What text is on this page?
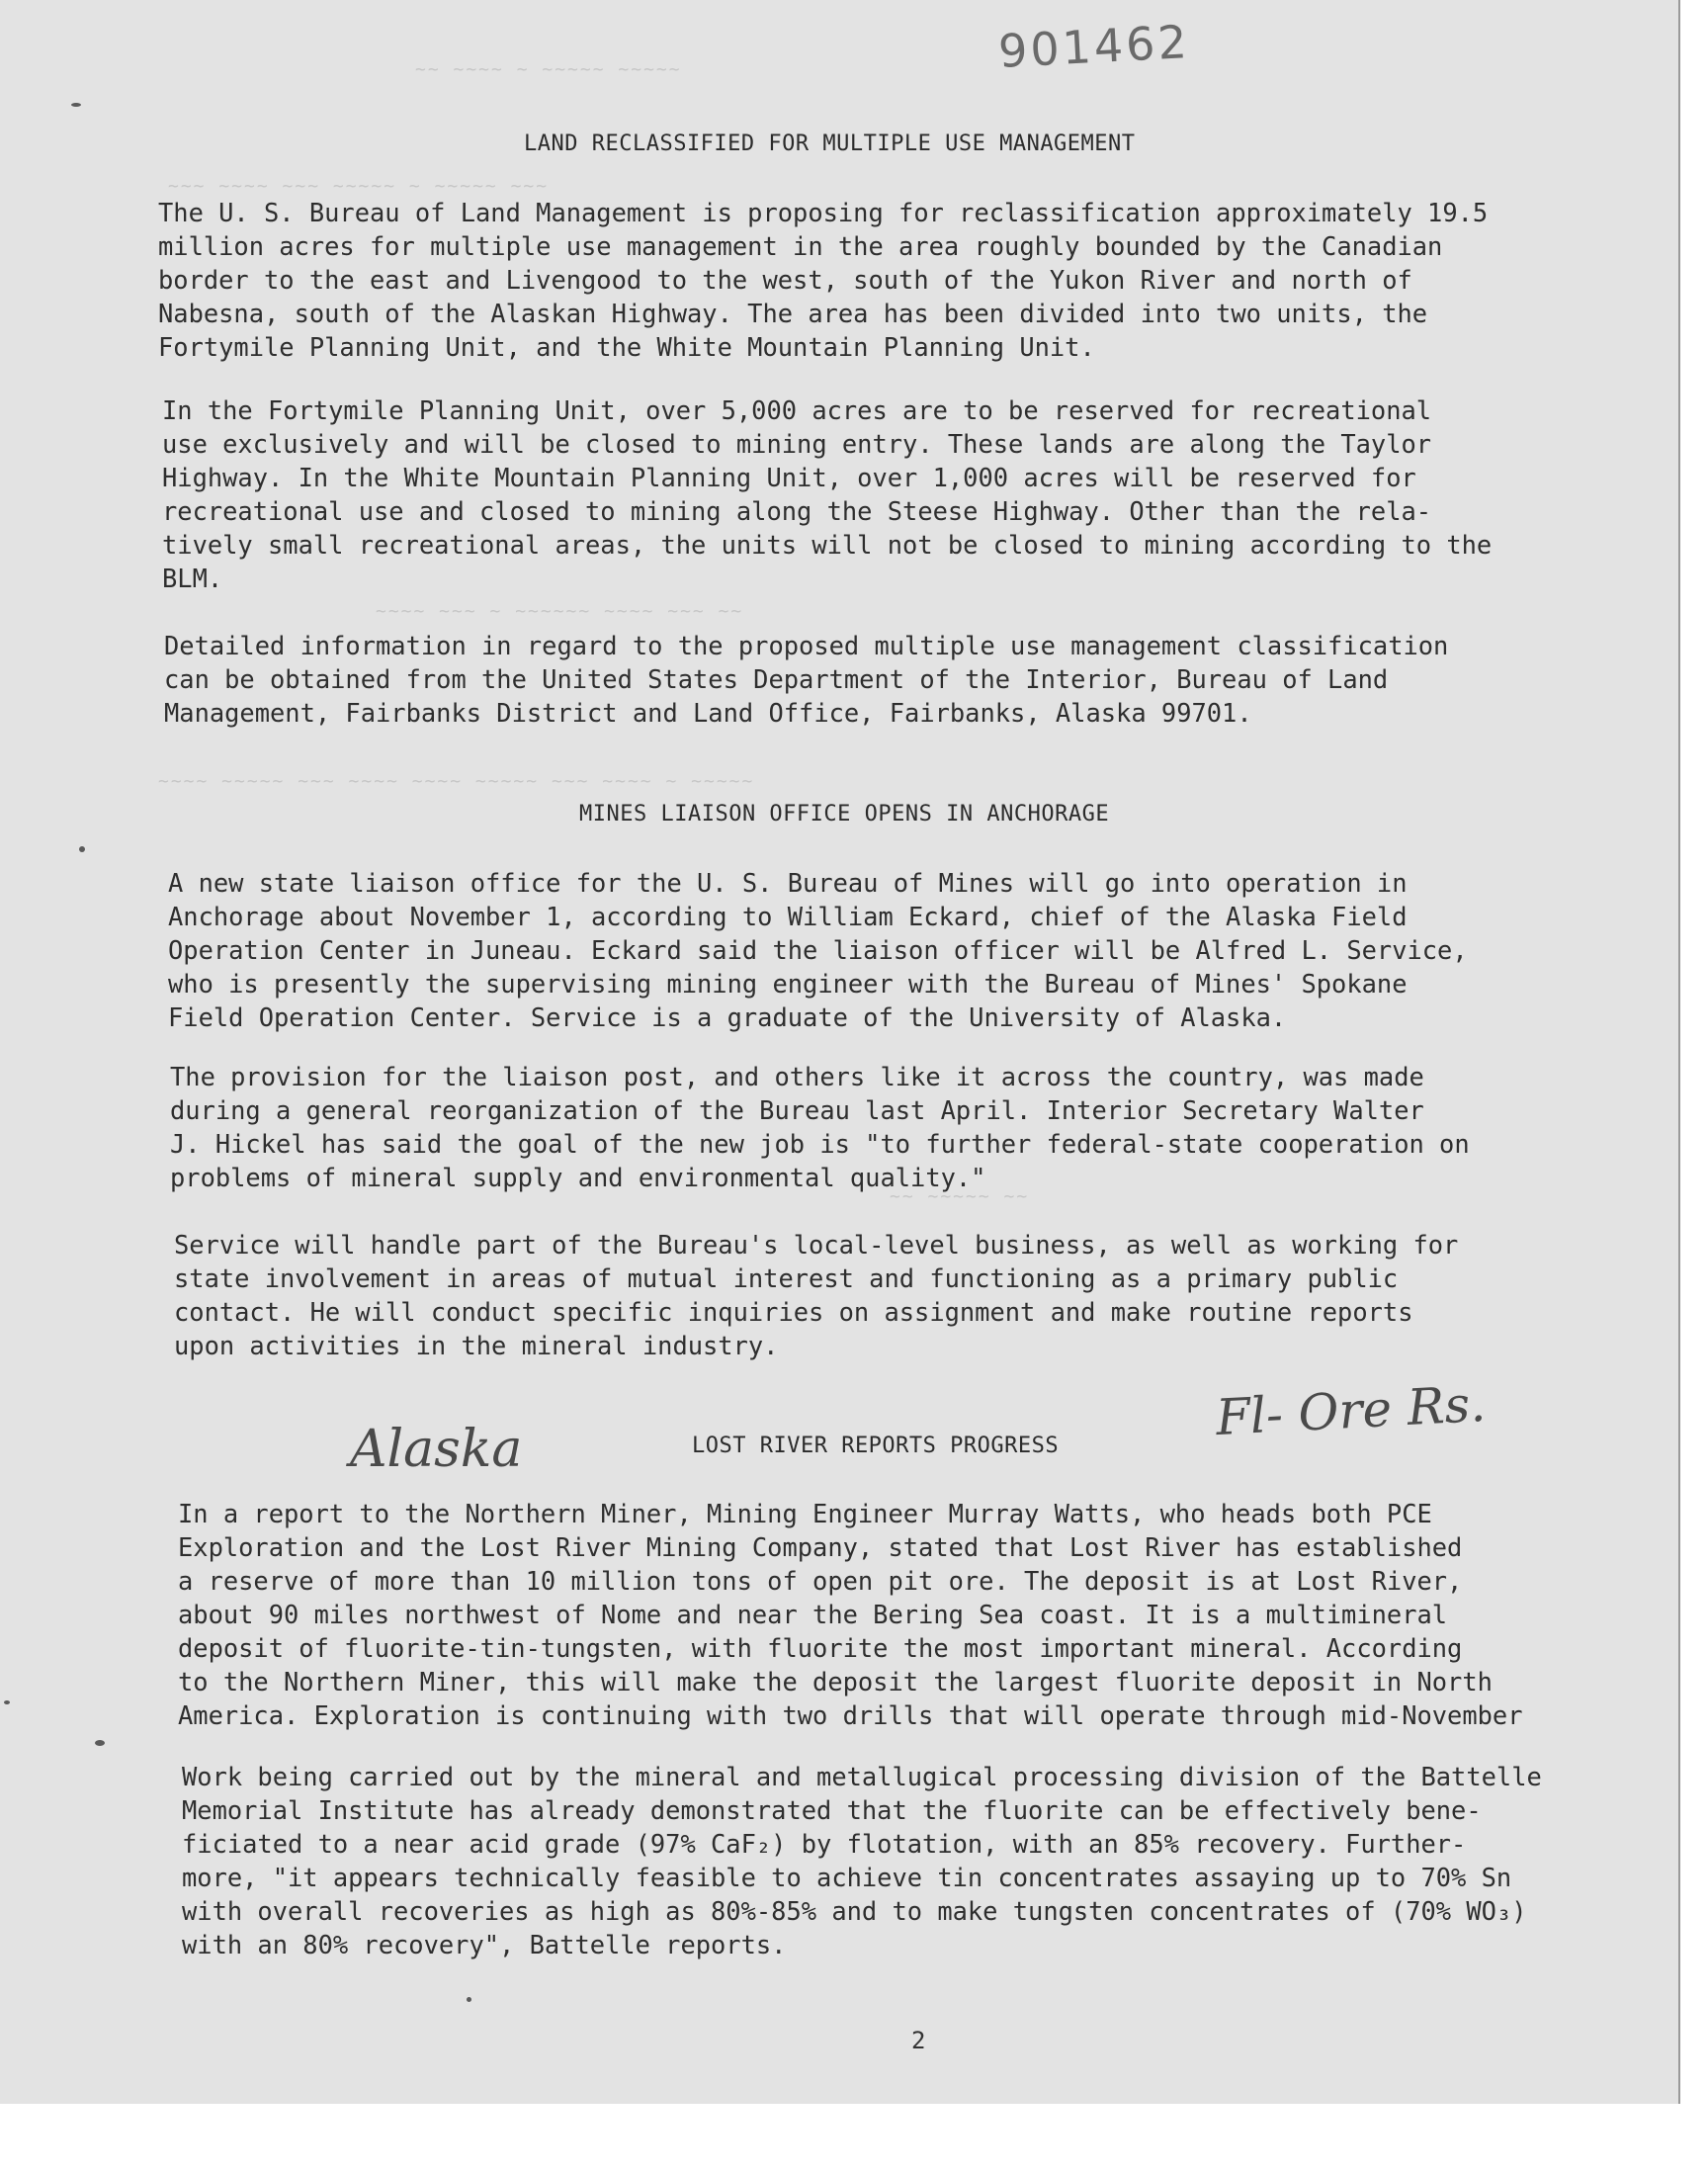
~~ ~~~~ ~ ~~~~~ ~~~~~
~~~ ~~~~ ~~~ ~~~~~ ~ ~~~~~ ~~~
~~~~ ~~~ ~ ~~~~~~ ~~~~ ~~~ ~~
~~~~ ~~~~~ ~~~ ~~~~ ~~~~ ~~~~~ ~~~ ~~~~ ~ ~~~~~
~~ ~~~~~ ~~
901462
LAND RECLASSIFIED FOR MULTIPLE USE MANAGEMENT
The U. S. Bureau of Land Management is proposing for reclassification approximately 19.5
million acres for multiple use management in the area roughly bounded by the Canadian
border to the east and Livengood to the west, south of the Yukon River and north of
Nabesna, south of the Alaskan Highway. The area has been divided into two units, the
Fortymile Planning Unit, and the White Mountain Planning Unit.
In the Fortymile Planning Unit, over 5,000 acres are to be reserved for recreational
use exclusively and will be closed to mining entry. These lands are along the Taylor
Highway. In the White Mountain Planning Unit, over 1,000 acres will be reserved for
recreational use and closed to mining along the Steese Highway. Other than the rela-
tively small recreational areas, the units will not be closed to mining according to the
BLM.
Detailed information in regard to the proposed multiple use management classification
can be obtained from the United States Department of the Interior, Bureau of Land
Management, Fairbanks District and Land Office, Fairbanks, Alaska 99701.
MINES LIAISON OFFICE OPENS IN ANCHORAGE
A new state liaison office for the U. S. Bureau of Mines will go into operation in
Anchorage about November 1, according to William Eckard, chief of the Alaska Field
Operation Center in Juneau. Eckard said the liaison officer will be Alfred L. Service,
who is presently the supervising mining engineer with the Bureau of Mines' Spokane
Field Operation Center. Service is a graduate of the University of Alaska.
The provision for the liaison post, and others like it across the country, was made
during a general reorganization of the Bureau last April. Interior Secretary Walter
J. Hickel has said the goal of the new job is "to further federal-state cooperation on
problems of mineral supply and environmental quality."
Service will handle part of the Bureau's local-level business, as well as working for
state involvement in areas of mutual interest and functioning as a primary public
contact. He will conduct specific inquiries on assignment and make routine reports
upon activities in the mineral industry.
Alaska	LOST RIVER REPORTS PROGRESS	Fl- Ore Rs.
In a report to the Northern Miner, Mining Engineer Murray Watts, who heads both PCE
Exploration and the Lost River Mining Company, stated that Lost River has established
a reserve of more than 10 million tons of open pit ore. The deposit is at Lost River,
about 90 miles northwest of Nome and near the Bering Sea coast. It is a multimineral
deposit of fluorite-tin-tungsten, with fluorite the most important mineral. According
to the Northern Miner, this will make the deposit the largest fluorite deposit in North
America. Exploration is continuing with two drills that will operate through mid-November
Work being carried out by the mineral and metallugical processing division of the Battelle
Memorial Institute has already demonstrated that the fluorite can be effectively bene-
ficiated to a near acid grade (97% CaF₂) by flotation, with an 85% recovery. Further-
more, "it appears technically feasible to achieve tin concentrates assaying up to 70% Sn
with overall recoveries as high as 80%-85% and to make tungsten concentrates of (70% WO₃)
with an 80% recovery", Battelle reports.
2
